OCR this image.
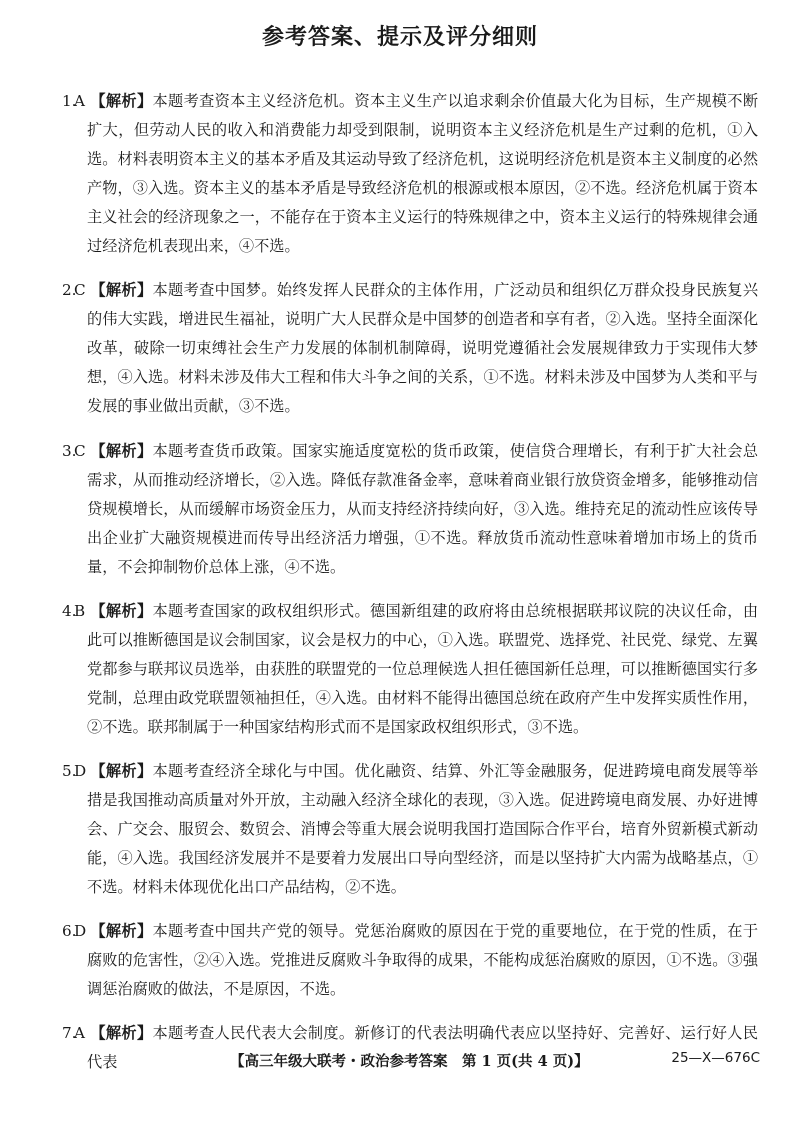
参考答案、提示及评分细则

1.A 【解析】本题考查资本主义经济危机。资本主义生产以追求剩余价值最大化为目标，生产规模不断扩大，但劳动人民的收入和消费能力却受到限制，说明资本主义经济危机是生产过剩的危机，①入选。材料表明资本主义的基本矛盾及其运动导致了经济危机，这说明经济危机是资本主义制度的必然产物，③入选。资本主义的基本矛盾是导致经济危机的根源或根本原因，②不选。经济危机属于资本主义社会的经济现象之一，不能存在于资本主义运行的特殊规律之中，资本主义运行的特殊规律会通过经济危机表现出来，④不选。

2.C 【解析】本题考查中国梦。始终发挥人民群众的主体作用，广泛动员和组织亿万群众投身民族复兴的伟大实践，增进民生福祉，说明广大人民群众是中国梦的创造者和享有者，②入选。坚持全面深化改革，破除一切束缚社会生产力发展的体制机制障碍，说明党遵循社会发展规律致力于实现伟大梦想，④入选。材料未涉及伟大工程和伟大斗争之间的关系，①不选。材料未涉及中国梦为人类和平与发展的事业做出贡献，③不选。

3.C 【解析】本题考查货币政策。国家实施适度宽松的货币政策，使信贷合理增长，有利于扩大社会总需求，从而推动经济增长，②入选。降低存款准备金率，意味着商业银行放贷资金增多，能够推动信贷规模增长，从而缓解市场资金压力，从而支持经济持续向好，③入选。维持充足的流动性应该传导出企业扩大融资规模进而传导出经济活力增强，①不选。释放货币流动性意味着增加市场上的货币量，不会抑制物价总体上涨，④不选。

4.B 【解析】本题考查国家的政权组织形式。德国新组建的政府将由总统根据联邦议院的决议任命，由此可以推断德国是议会制国家，议会是权力的中心，①入选。联盟党、选择党、社民党、绿党、左翼党都参与联邦议员选举，由获胜的联盟党的一位总理候选人担任德国新任总理，可以推断德国实行多党制，总理由政党联盟领袖担任，④入选。由材料不能得出德国总统在政府产生中发挥实质性作用，②不选。联邦制属于一种国家结构形式而不是国家政权组织形式，③不选。

5.D 【解析】本题考查经济全球化与中国。优化融资、结算、外汇等金融服务，促进跨境电商发展等举措是我国推动高质量对外开放，主动融入经济全球化的表现，③入选。促进跨境电商发展、办好进博会、广交会、服贸会、数贸会、消博会等重大展会说明我国打造国际合作平台，培育外贸新模式新动能，④入选。我国经济发展并不是要着力发展出口导向型经济，而是以坚持扩大内需为战略基点，①不选。材料未体现优化出口产品结构，②不选。

6.D 【解析】本题考查中国共产党的领导。党惩治腐败的原因在于党的重要地位，在于党的性质，在于腐败的危害性，②④入选。党推进反腐败斗争取得的成果，不能构成惩治腐败的原因，①不选。③强调惩治腐败的做法，不是原因，不选。

7.A 【解析】本题考查人民代表大会制度。新修订的代表法明确代表应以坚持好、完善好、运行好人民代表	【高三年级大联考・政治参考答案　第 1 页(共 4 页)】	25—X—676C
